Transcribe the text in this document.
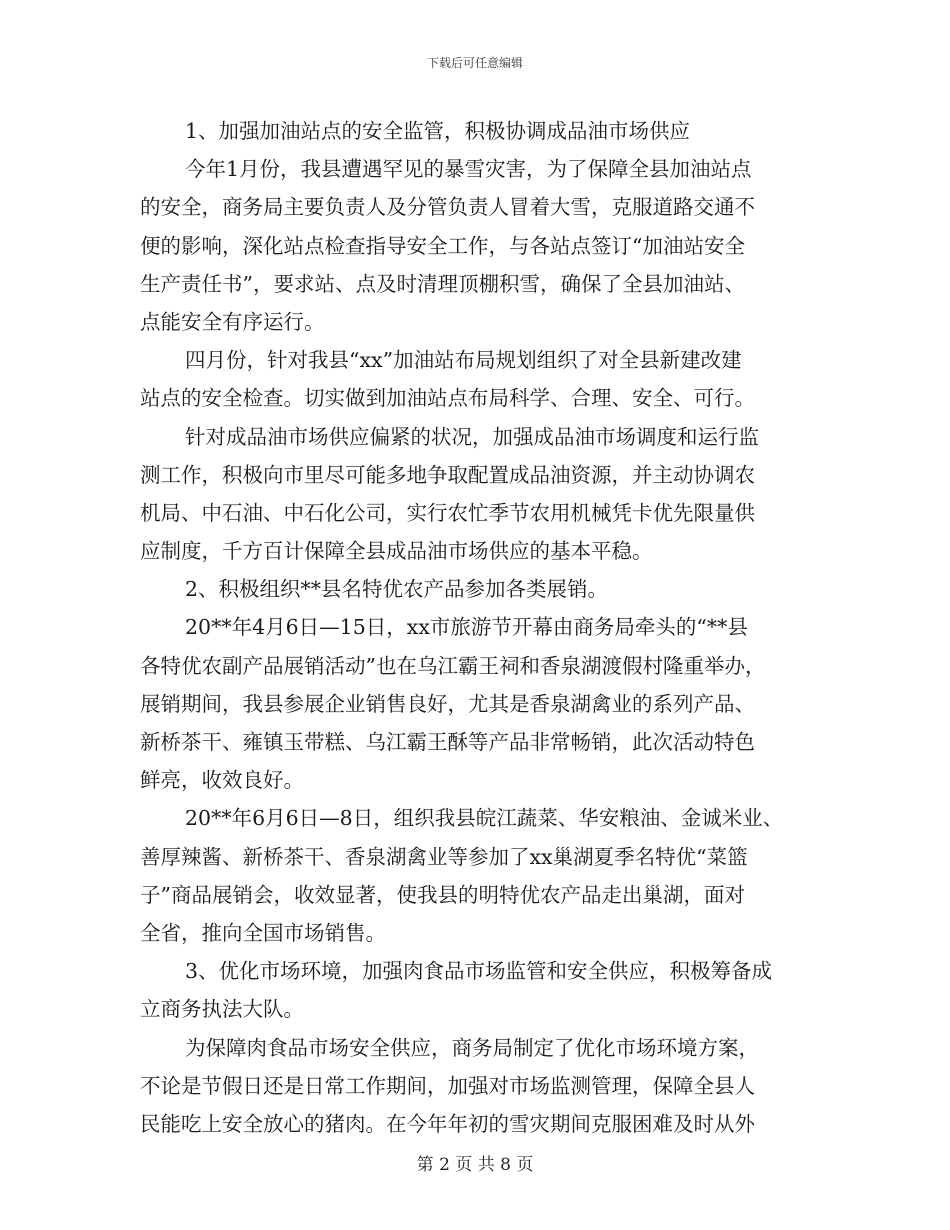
下载后可任意编辑
1、加强加油站点的安全监管，积极协调成品油市场供应
今年1月份，我县遭遇罕见的暴雪灾害，为了保障全县加油站点
的安全，商务局主要负责人及分管负责人冒着大雪，克服道路交通不
便的影响，深化站点检查指导安全工作，与各站点签订“加油站安全
生产责任书”，要求站、点及时清理顶棚积雪，确保了全县加油站、
点能安全有序运行。
四月份，针对我县“xx”加油站布局规划组织了对全县新建改建
站点的安全检查。切实做到加油站点布局科学、合理、安全、可行。
针对成品油市场供应偏紧的状况，加强成品油市场调度和运行监
测工作，积极向市里尽可能多地争取配置成品油资源，并主动协调农
机局、中石油、中石化公司，实行农忙季节农用机械凭卡优先限量供
应制度，千方百计保障全县成品油市场供应的基本平稳。
2、积极组织**县名特优农产品参加各类展销。
20**年4月6日—15日，xx市旅游节开幕由商务局牵头的“**县
各特优农副产品展销活动”也在乌江霸王祠和香泉湖渡假村隆重举办，
展销期间，我县参展企业销售良好，尤其是香泉湖禽业的系列产品、
新桥茶干、雍镇玉带糕、乌江霸王酥等产品非常畅销，此次活动特色
鲜亮，收效良好。
20**年6月6日—8日，组织我县皖江蔬菜、华安粮油、金诚米业、
善厚辣酱、新桥茶干、香泉湖禽业等参加了xx巢湖夏季名特优“菜篮
子”商品展销会，收效显著，使我县的明特优农产品走出巢湖，面对
全省，推向全国市场销售。
3、优化市场环境，加强肉食品市场监管和安全供应，积极筹备成
立商务执法大队。
为保障肉食品市场安全供应，商务局制定了优化市场环境方案，
不论是节假日还是日常工作期间，加强对市场监测管理，保障全县人
民能吃上安全放心的猪肉。在今年年初的雪灾期间克服困难及时从外
第 2 页 共 8 页
